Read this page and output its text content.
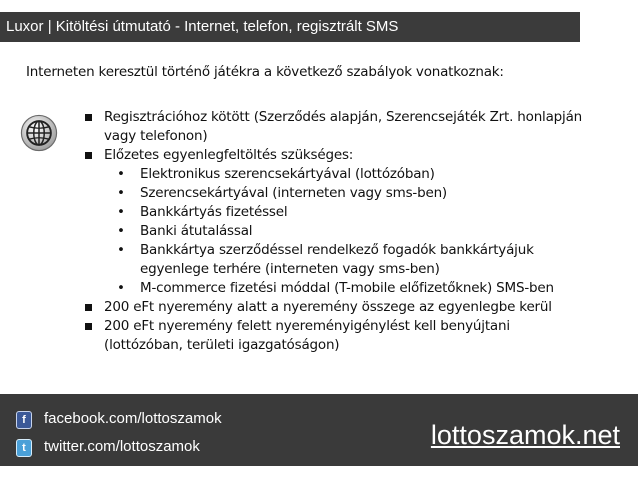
Luxor | Kitöltési útmutató - Internet, telefon, regisztrált SMS
Interneten keresztül történő játékra a következő szabályok vonatkoznak:
Regisztrációhoz kötött (Szerződés alapján, Szerencsejáték Zrt. honlapján vagy telefonon)
Előzetes egyenlegfeltöltés szükséges:
• Elektronikus szerencsekártyával (lottózóban)
• Szerencsekártyával (interneten vagy sms-ben)
• Bankkártyás fizetéssel
• Banki átutalással
• Bankkártya szerződéssel rendelkező fogadók bankkártyájuk egyenlege terhére (interneten vagy sms-ben)
• M-commerce fizetési móddal (T-mobile előfizetőknek) SMS-ben
200 eFt nyeremény alatt a nyeremény összege az egyenlegbe kerül
200 eFt nyeremény felett nyereményigénylést kell benyújtani (lottózóban, területi igazgatóságon)
f	facebook.com/lottoszamok
t	twitter.com/lottoszamok	lottoszamok.net
